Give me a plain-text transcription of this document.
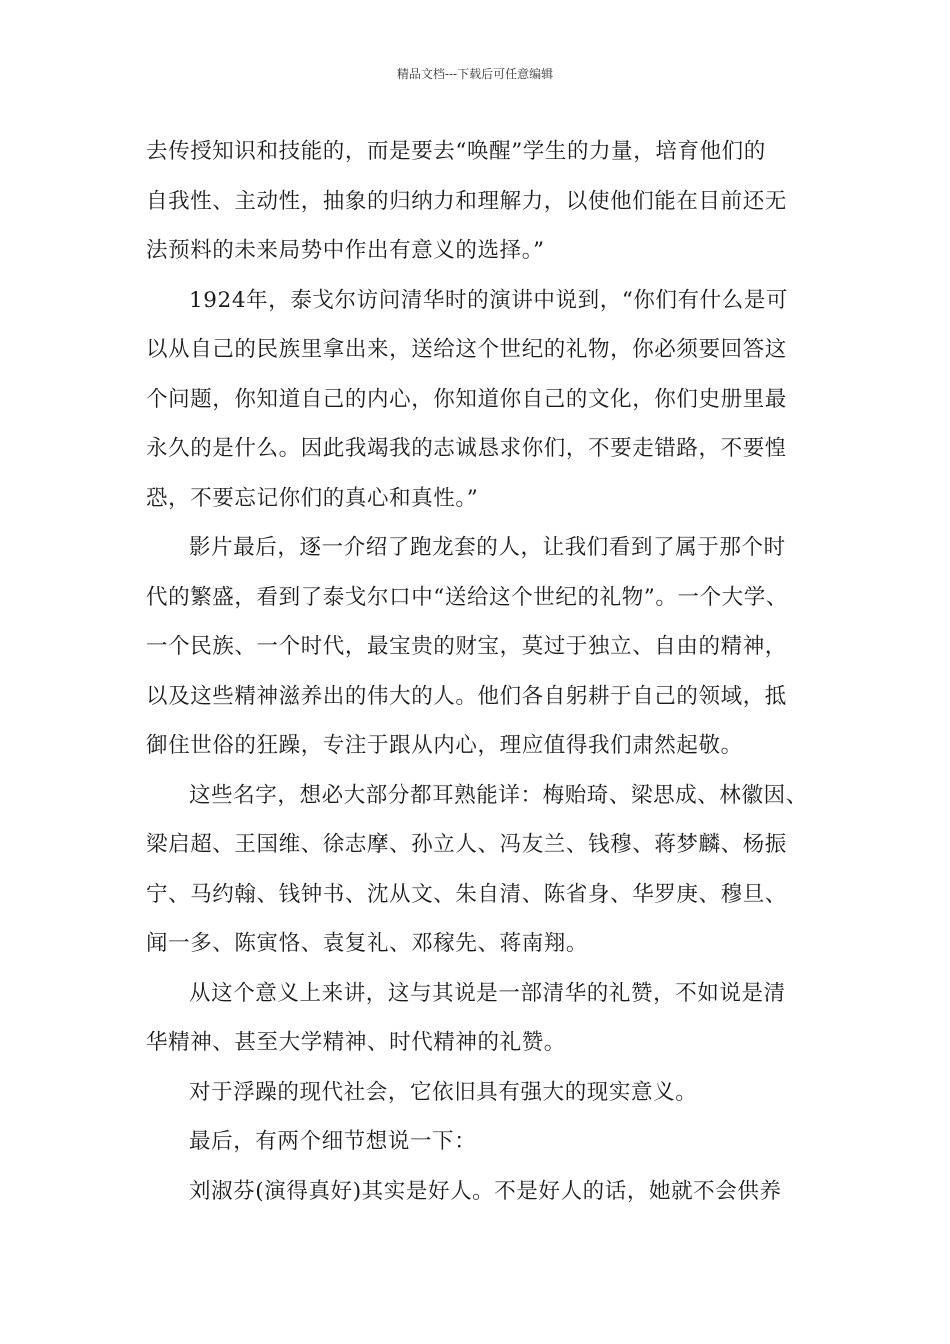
精品文档---下载后可任意编辑
去传授知识和技能的，而是要去“唤醒”学生的力量，培育他们的
自我性、主动性，抽象的归纳力和理解力，以使他们能在目前还无
法预料的未来局势中作出有意义的选择。”
1924年，泰戈尔访问清华时的演讲中说到，“你们有什么是可
以从自己的民族里拿出来，送给这个世纪的礼物，你必须要回答这
个问题，你知道自己的内心，你知道你自己的文化，你们史册里最
永久的是什么。因此我竭我的志诚恳求你们，不要走错路，不要惶
恐，不要忘记你们的真心和真性。”
影片最后，逐一介绍了跑龙套的人，让我们看到了属于那个时
代的繁盛，看到了泰戈尔口中“送给这个世纪的礼物”。一个大学、
一个民族、一个时代，最宝贵的财宝，莫过于独立、自由的精神，
以及这些精神滋养出的伟大的人。他们各自躬耕于自己的领域，抵
御住世俗的狂躁，专注于跟从内心，理应值得我们肃然起敬。
这些名字，想必大部分都耳熟能详：梅贻琦、梁思成、林徽因、
梁启超、王国维、徐志摩、孙立人、冯友兰、钱穆、蒋梦麟、杨振
宁、马约翰、钱钟书、沈从文、朱自清、陈省身、华罗庚、穆旦、
闻一多、陈寅恪、袁复礼、邓稼先、蒋南翔。
从这个意义上来讲，这与其说是一部清华的礼赞，不如说是清
华精神、甚至大学精神、时代精神的礼赞。
对于浮躁的现代社会，它依旧具有强大的现实意义。
最后，有两个细节想说一下：
刘淑芬(演得真好)其实是好人。不是好人的话，她就不会供养
